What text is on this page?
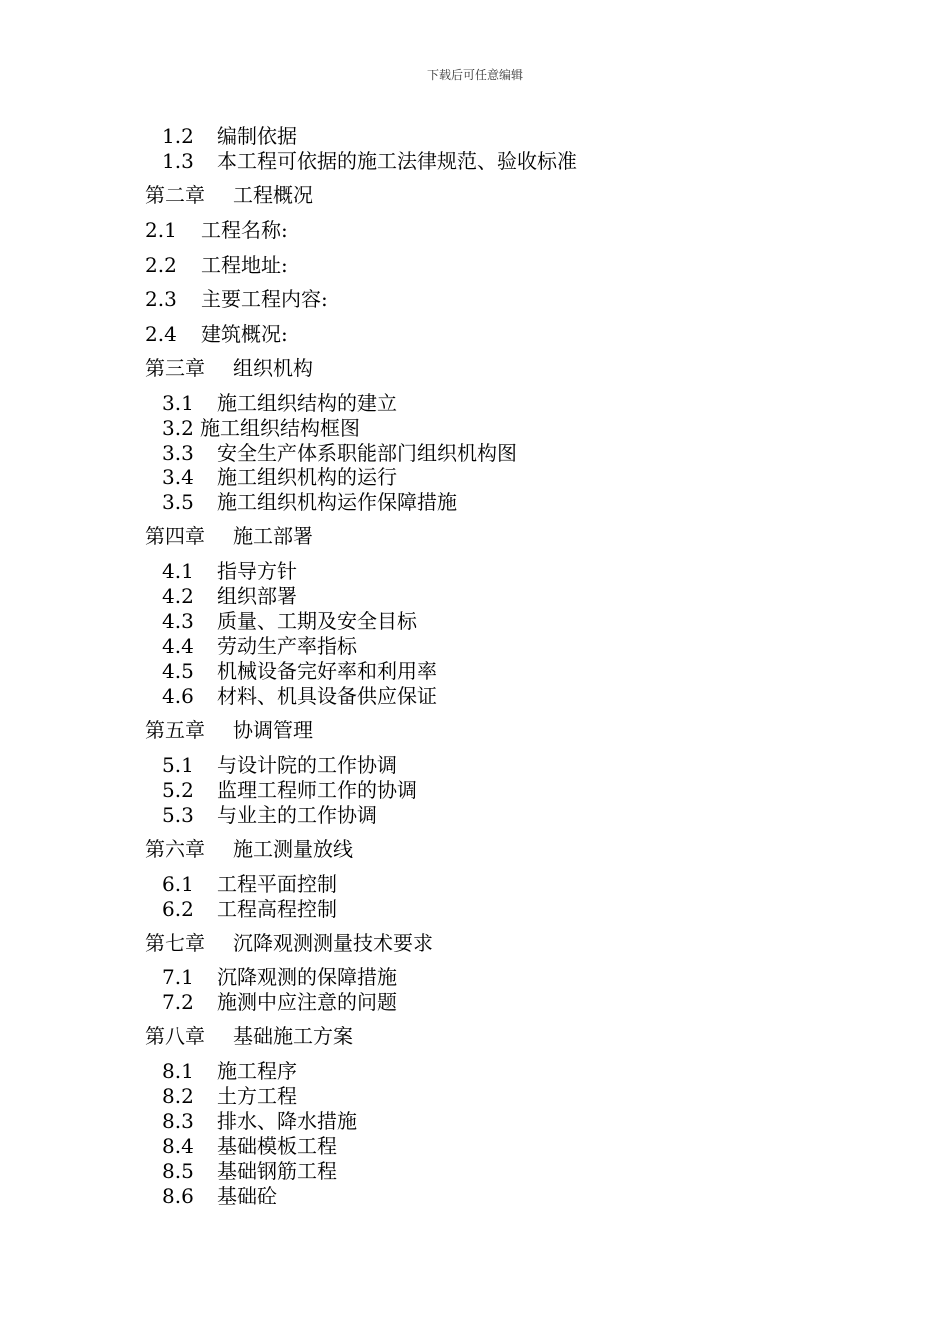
下载后可任意编辑
1.2 编制依据
1.3 本工程可依据的施工法律规范、验收标准
第二章 工程概况
2.1 工程名称:
2.2 工程地址:
2.3 主要工程内容:
2.4 建筑概况:
第三章 组织机构
3.1 施工组织结构的建立
3.2 施工组织结构框图
3.3 安全生产体系职能部门组织机构图
3.4 施工组织机构的运行
3.5 施工组织机构运作保障措施
第四章 施工部署
4.1 指导方针
4.2 组织部署
4.3 质量、工期及安全目标
4.4 劳动生产率指标
4.5 机械设备完好率和利用率
4.6 材料、机具设备供应保证
第五章 协调管理
5.1 与设计院的工作协调
5.2 监理工程师工作的协调
5.3 与业主的工作协调
第六章 施工测量放线
6.1 工程平面控制
6.2 工程高程控制
第七章 沉降观测测量技术要求
7.1 沉降观测的保障措施
7.2 施测中应注意的问题
第八章 基础施工方案
8.1 施工程序
8.2 土方工程
8.3 排水、降水措施
8.4 基础模板工程
8.5 基础钢筋工程
8.6 基础砼
